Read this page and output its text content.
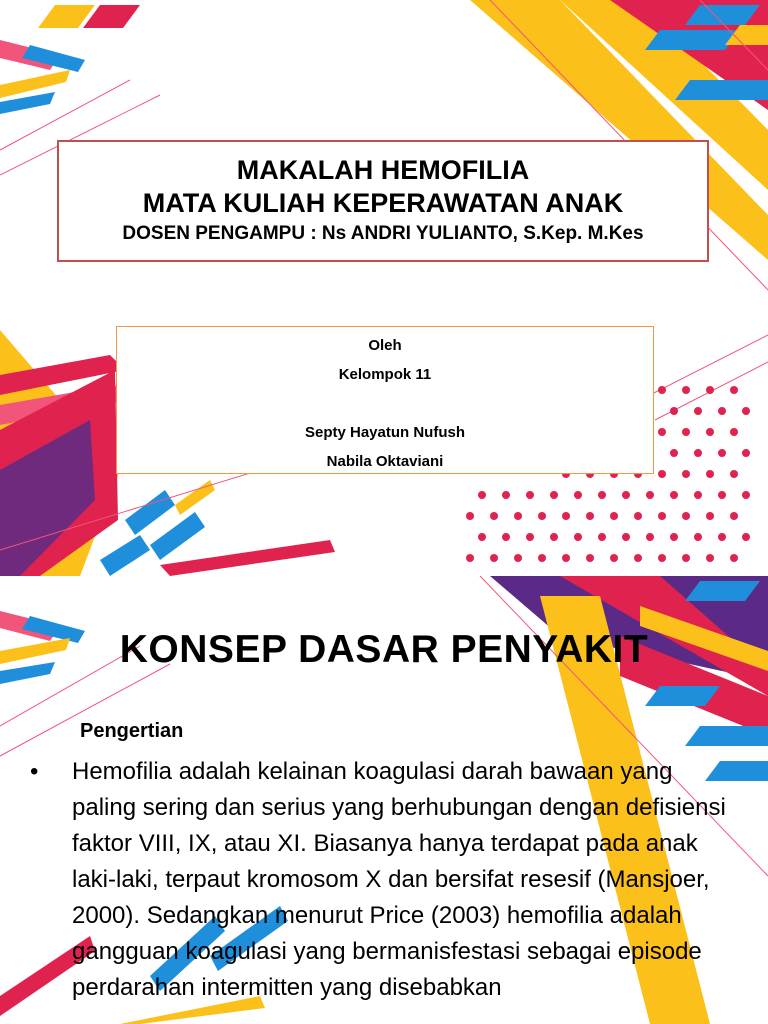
MAKALAH HEMOFILIA
MATA KULIAH KEPERAWATAN ANAK
DOSEN PENGAMPU : Ns ANDRI YULIANTO, S.Kep. M.Kes
Oleh
Kelompok 11
Septy Hayatun Nufush
Nabila Oktaviani
KONSEP DASAR PENYAKIT
Pengertian
•	Hemofilia adalah kelainan koagulasi darah bawaan yang paling sering dan serius yang berhubungan dengan defisiensi faktor VIII, IX, atau XI. Biasanya hanya terdapat pada anak laki-laki, terpaut kromosom X dan bersifat resesif (Mansjoer, 2000). Sedangkan menurut Price (2003) hemofilia adalah gangguan koagulasi yang bermanisfestasi sebagai episode perdarahan intermitten yang disebabkan
